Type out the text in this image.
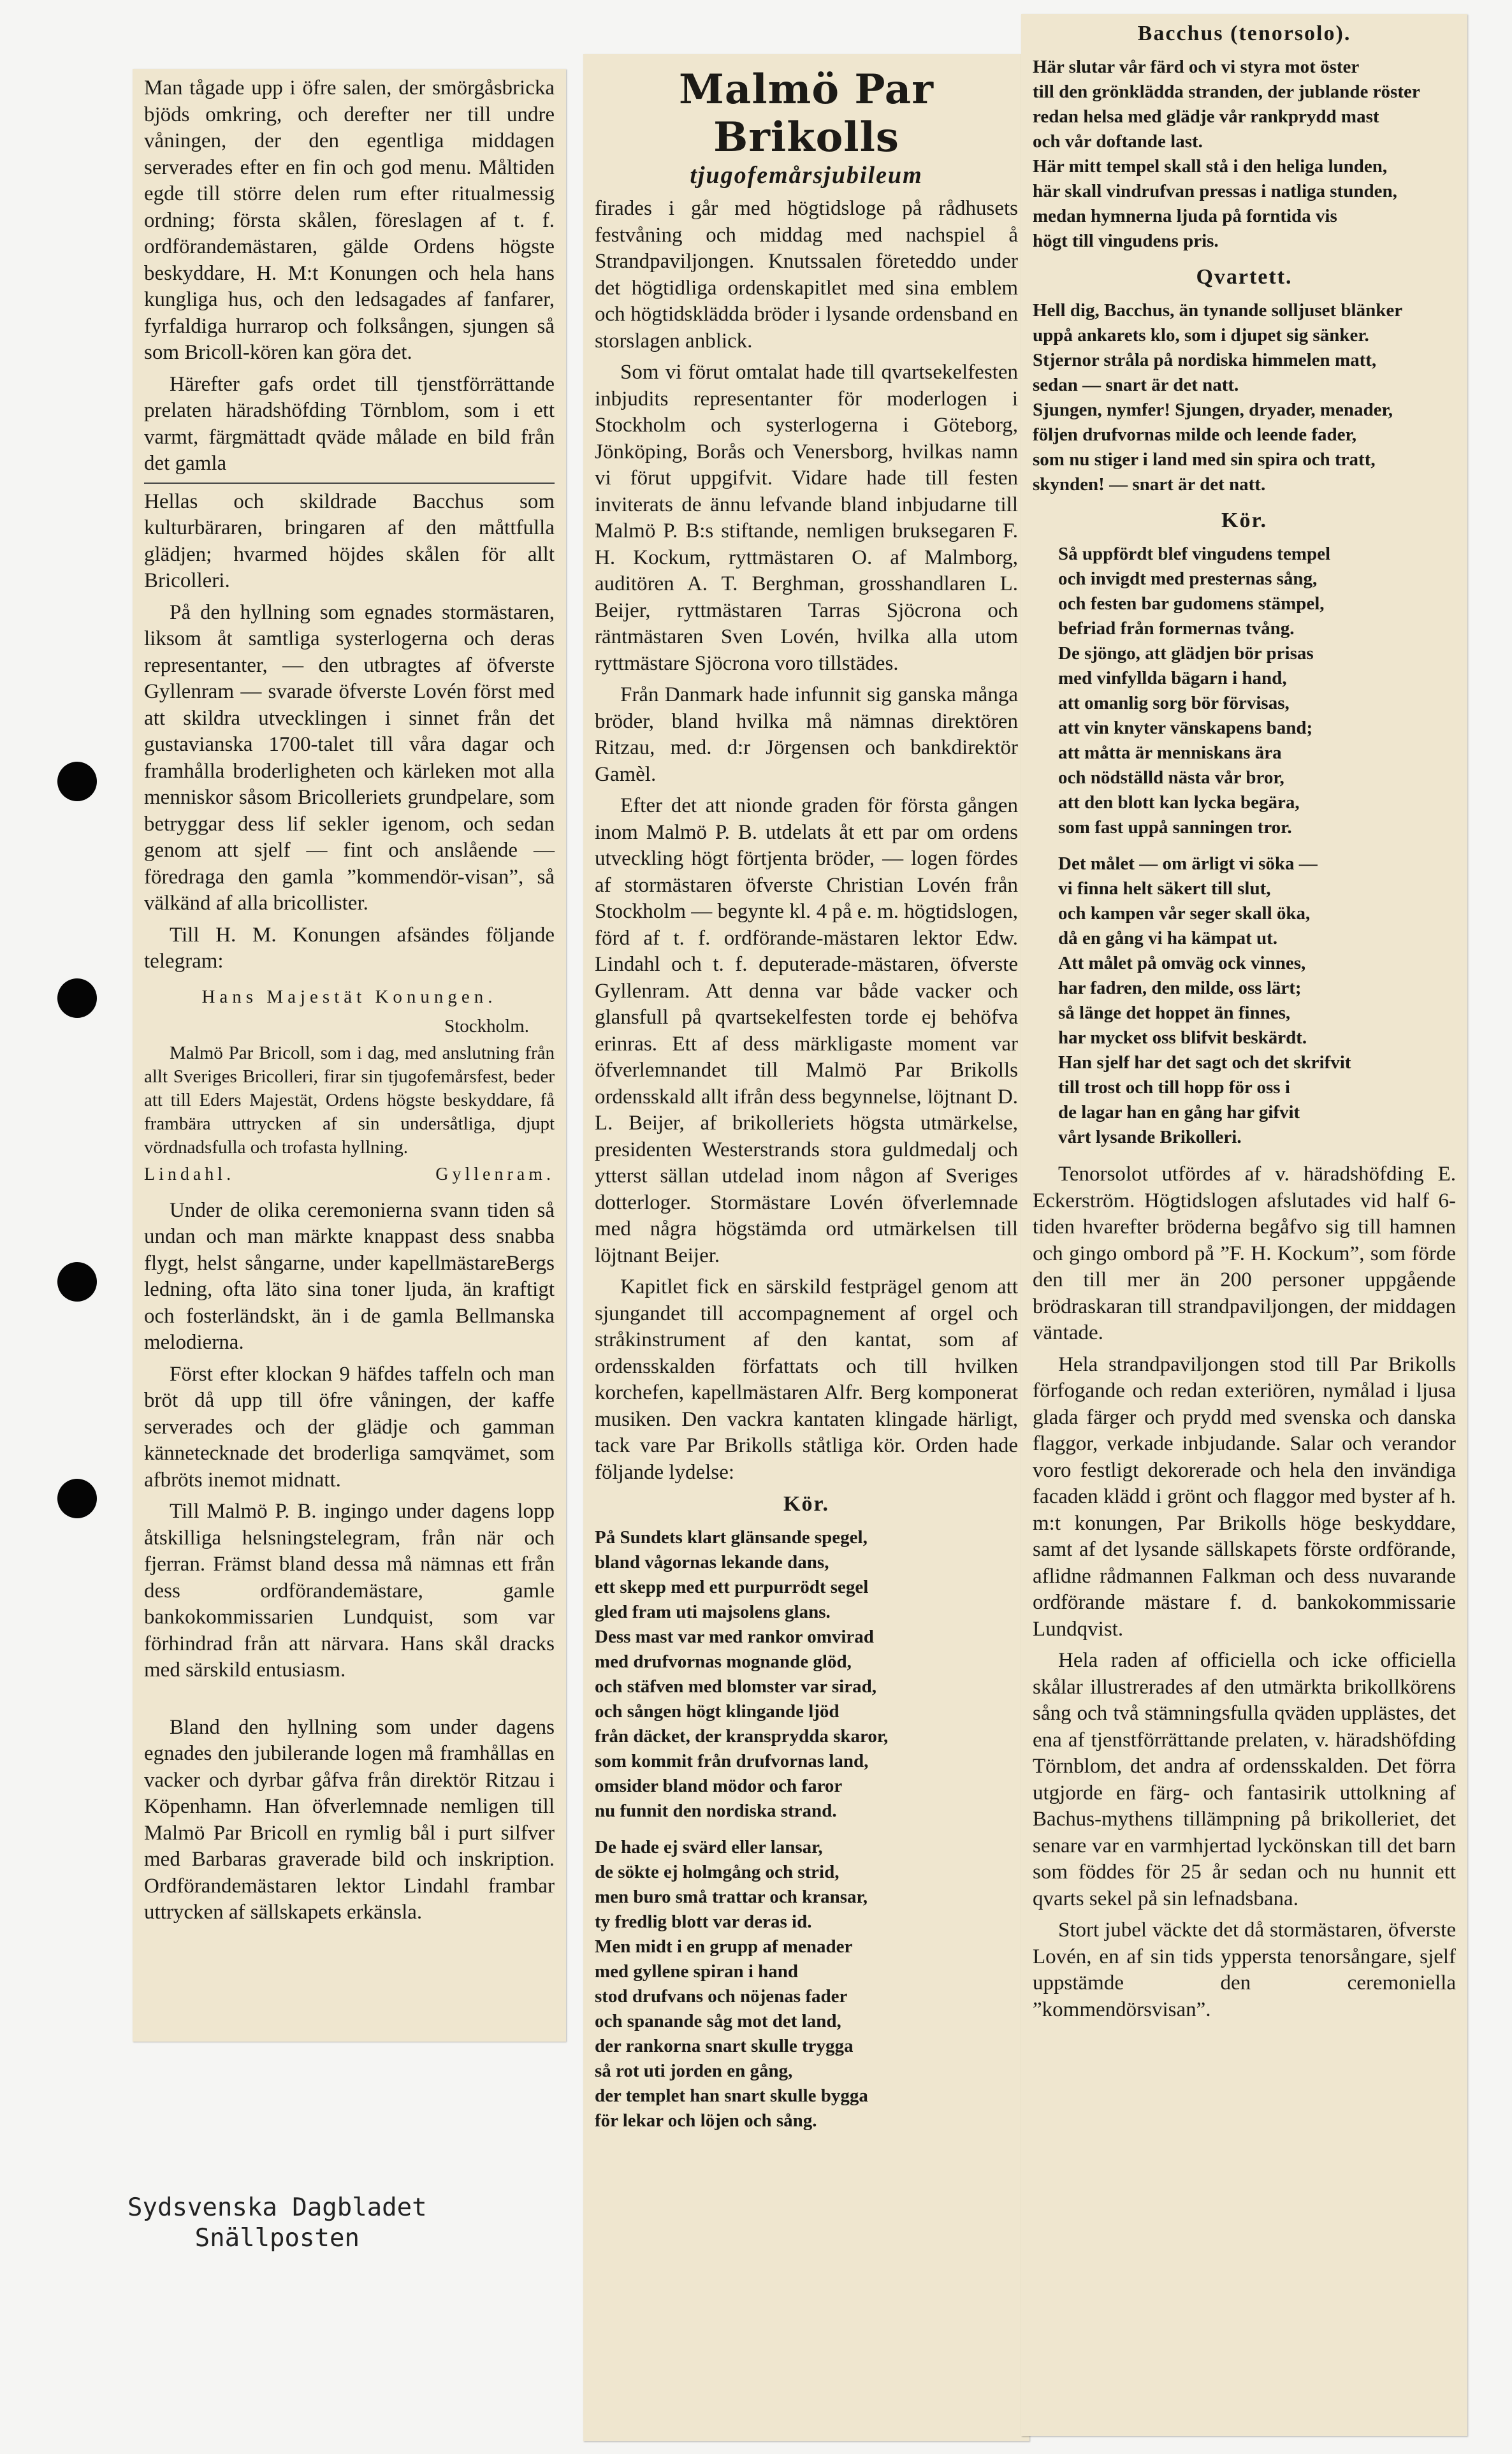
Man tågade upp i öfre salen, der smörgåsbricka bjöds omkring, och derefter ner till undre våningen, der den egentliga middagen serverades efter en fin och god menu. Måltiden egde till större delen rum efter ritualmessig ordning; första skålen, föreslagen af t. f. ordförandemästaren, gälde Ordens högste beskyddare, H. M:t Konungen och hela hans kungliga hus, och den ledsagades af fanfarer, fyrfaldiga hurrarop och folksången, sjungen så som Bricoll-kören kan göra det.

Härefter gafs ordet till tjenstförrättande prelaten häradshöfding Törnblom, som i ett varmt, färgmättadt qväde målade en bild från det gamla

Hellas och skildrade Bacchus som kulturbäraren, bringaren af den måttfulla glädjen; hvarmed höjdes skålen för allt Bricolleri.

På den hyllning som egnades stormästaren, liksom åt samtliga systerlogerna och deras representanter, — den utbragtes af öfverste Gyllenram — svarade öfverste Lovén först med att skildra utvecklingen i sinnet från det gustavianska 1700-talet till våra dagar och framhålla broderligheten och kärleken mot alla menniskor såsom Bricolleriets grundpelare, som betryggar dess lif sekler igenom, och sedan genom att sjelf — fint och anslående — föredraga den gamla ”kommendör-visan”, så välkänd af alla bricollister.

Till H. M. Konungen afsändes följande telegram:

Hans Majestät Konungen.
Stockholm.

Malmö Par Bricoll, som i dag, med anslutning från allt Sveriges Bricolleri, firar sin tjugofemårsfest, beder att till Eders Majestät, Ordens högste beskyddare, få frambära uttrycken af sin undersåtliga, djupt vördnadsfulla och trofasta hyllning.

Lindahl.	Gyllenram.

Under de olika ceremonierna svann tiden så undan och man märkte knappast dess snabba flygt, helst sångarne, under kapellmästareBergs ledning, ofta läto sina toner ljuda, än kraftigt och fosterländskt, än i de gamla Bellmanska melodierna.

Först efter klockan 9 häfdes taffeln och man bröt då upp till öfre våningen, der kaffe serverades och der glädje och gamman kännetecknade det broderliga samqvämet, som afbröts inemot midnatt.

Till Malmö P. B. ingingo under dagens lopp åtskilliga helsningstelegram, från när och fjerran. Främst bland dessa må nämnas ett från dess ordförandemästare, gamle bankokommissarien Lundquist, som var förhindrad från att närvara. Hans skål dracks med särskild entusiasm.

Bland den hyllning som under dagens egnades den jubilerande logen må framhållas en vacker och dyrbar gåfva från direktör Ritzau i Köpenhamn. Han öfverlemnade nemligen till Malmö Par Bricoll en rymlig bål i purt silfver med Barbaras graverade bild och inskription. Ordförandemästaren lektor Lindahl frambar uttrycken af sällskapets erkänsla.

Malmö Par Brikolls
tjugofemårsjubileum

firades i går med högtidsloge på rådhusets festvåning och middag med nachspiel å Strandpaviljongen. Knutssalen företeddo under det högtidliga ordenskapitlet med sina emblem och högtidsklädda bröder i lysande ordensband en storslagen anblick.

Som vi förut omtalat hade till qvartsekelfesten inbjudits representanter för moderlogen i Stockholm och systerlogerna i Göteborg, Jönköping, Borås och Venersborg, hvilkas namn vi förut uppgifvit. Vidare hade till festen inviterats de ännu lefvande bland inbjudarne till Malmö P. B:s stiftande, nemligen bruksegaren F. H. Kockum, ryttmästaren O. af Malmborg, auditören A. T. Berghman, grosshandlaren L. Beijer, ryttmästaren Tarras Sjöcrona och räntmästaren Sven Lovén, hvilka alla utom ryttmästare Sjöcrona voro tillstädes.

Från Danmark hade infunnit sig ganska många bröder, bland hvilka må nämnas direktören Ritzau, med. d:r Jörgensen och bankdirektör Gamèl.

Efter det att nionde graden för första gången inom Malmö P. B. utdelats åt ett par om ordens utveckling högt förtjenta bröder, — logen fördes af stormästaren öfverste Christian Lovén från Stockholm — begynte kl. 4 på e. m. högtidslogen, förd af t. f. ordförande-mästaren lektor Edw. Lindahl och t. f. deputerade-mästaren, öfverste Gyllenram. Att denna var både vacker och glansfull på qvartsekelfesten torde ej behöfva erinras. Ett af dess märkligaste moment var öfverlemnandet till Malmö Par Brikolls ordensskald allt ifrån dess begynnelse, löjtnant D. L. Beijer, af brikolleriets högsta utmärkelse, presidenten Westerstrands stora guldmedalj och ytterst sällan utdelad inom någon af Sveriges dotterloger. Stormästare Lovén öfverlemnade med några högstämda ord utmärkelsen till löjtnant Beijer.

Kapitlet fick en särskild festprägel genom att sjungandet till accompagnement af orgel och stråkinstrument af den kantat, som af ordensskalden författats och till hvilken korchefen, kapellmästaren Alfr. Berg komponerat musiken. Den vackra kantaten klingade härligt, tack vare Par Brikolls ståtliga kör. Orden hade följande lydelse:

Kör.
På Sundets klart glänsande spegel,
bland vågornas lekande dans,
ett skepp med ett purpurrödt segel
gled fram uti majsolens glans.
Dess mast var med rankor omvirad
med drufvornas mognande glöd,
och stäfven med blomster var sirad,
och sången högt klingande ljöd
från däcket, der kransprydda skaror,
som kommit från drufvornas land,
omsider bland mödor och faror
nu funnit den nordiska strand.
De hade ej svärd eller lansar,
de sökte ej holmgång och strid,
men buro små trattar och kransar,
ty fredlig blott var deras id.
Men midt i en grupp af menader
med gyllene spiran i hand
stod drufvans och nöjenas fader
och spanande såg mot det land,
der rankorna snart skulle trygga
så rot uti jorden en gång,
der templet han snart skulle bygga
för lekar och löjen och sång.
Bacchus (tenorsolo).
Här slutar vår färd och vi styra mot öster
till den grönklädda stranden, der jublande röster
redan helsa med glädje vår rankprydd mast
och vår doftande last.
Här mitt tempel skall stå i den heliga lunden,
här skall vindrufvan pressas i natliga stunden,
medan hymnerna ljuda på forntida vis
högt till vingudens pris.
Qvartett.
Hell dig, Bacchus, än tynande solljuset blänker
uppå ankarets klo, som i djupet sig sänker.
Stjernor stråla på nordiska himmelen matt,
sedan — snart är det natt.
Sjungen, nymfer! Sjungen, dryader, menader,
följen drufvornas milde och leende fader,
som nu stiger i land med sin spira och tratt,
skynden! — snart är det natt.
Kör.
Så uppfördt blef vingudens tempel
och invigdt med presternas sång,
och festen bar gudomens stämpel,
befriad från formernas tvång.
De sjöngo, att glädjen bör prisas
med vinfyllda bägarn i hand,
att omanlig sorg bör förvisas,
att vin knyter vänskapens band;
att måtta är menniskans ära
och nödställd nästa vår bror,
att den blott kan lycka begära,
som fast uppå sanningen tror.
Det målet — om ärligt vi söka —
vi finna helt säkert till slut,
och kampen vår seger skall öka,
då en gång vi ha kämpat ut.
Att målet på omväg ock vinnes,
har fadren, den milde, oss lärt;
så länge det hoppet än finnes,
har mycket oss blifvit beskärdt.
Han sjelf har det sagt och det skrifvit
till trost och till hopp för oss i
de lagar han en gång har gifvit
vårt lysande Brikolleri.

Tenorsolot utfördes af v. häradshöfding E. Eckerström. Högtidslogen afslutades vid half 6-tiden hvarefter bröderna begåfvo sig till hamnen och gingo ombord på ”F. H. Kockum”, som förde den till mer än 200 personer uppgående brödraskaran till strandpaviljongen, der middagen väntade.

Hela strandpaviljongen stod till Par Brikolls förfogande och redan exteriören, nymålad i ljusa glada färger och prydd med svenska och danska flaggor, verkade inbjudande. Salar och verandor voro festligt dekorerade och hela den invändiga facaden klädd i grönt och flaggor med byster af h. m:t konungen, Par Brikolls höge beskyddare, samt af det lysande sällskapets förste ordförande, aflidne rådmannen Falkman och dess nuvarande ordförande mästare f. d. bankokommissarie Lundqvist.

Hela raden af officiella och icke officiella skålar illustrerades af den utmärkta brikollkörens sång och två stämningsfulla qväden upplästes, det ena af tjenstförrättande prelaten, v. häradshöfding Törnblom, det andra af ordensskalden. Det förra utgjorde en färg- och fantasirik uttolkning af Bachus-mythens tillämpning på brikolleriet, det senare var en varmhjertad lyckönskan till det barn som föddes för 25 år sedan och nu hunnit ett qvarts sekel på sin lefnadsbana.

Stort jubel väckte det då stormästaren, öfverste Lovén, en af sin tids yppersta tenorsångare, sjelf uppstämde den ceremoniella ”kommendörsvisan”.

Sydsvenska Dagbladet
Snällposten
